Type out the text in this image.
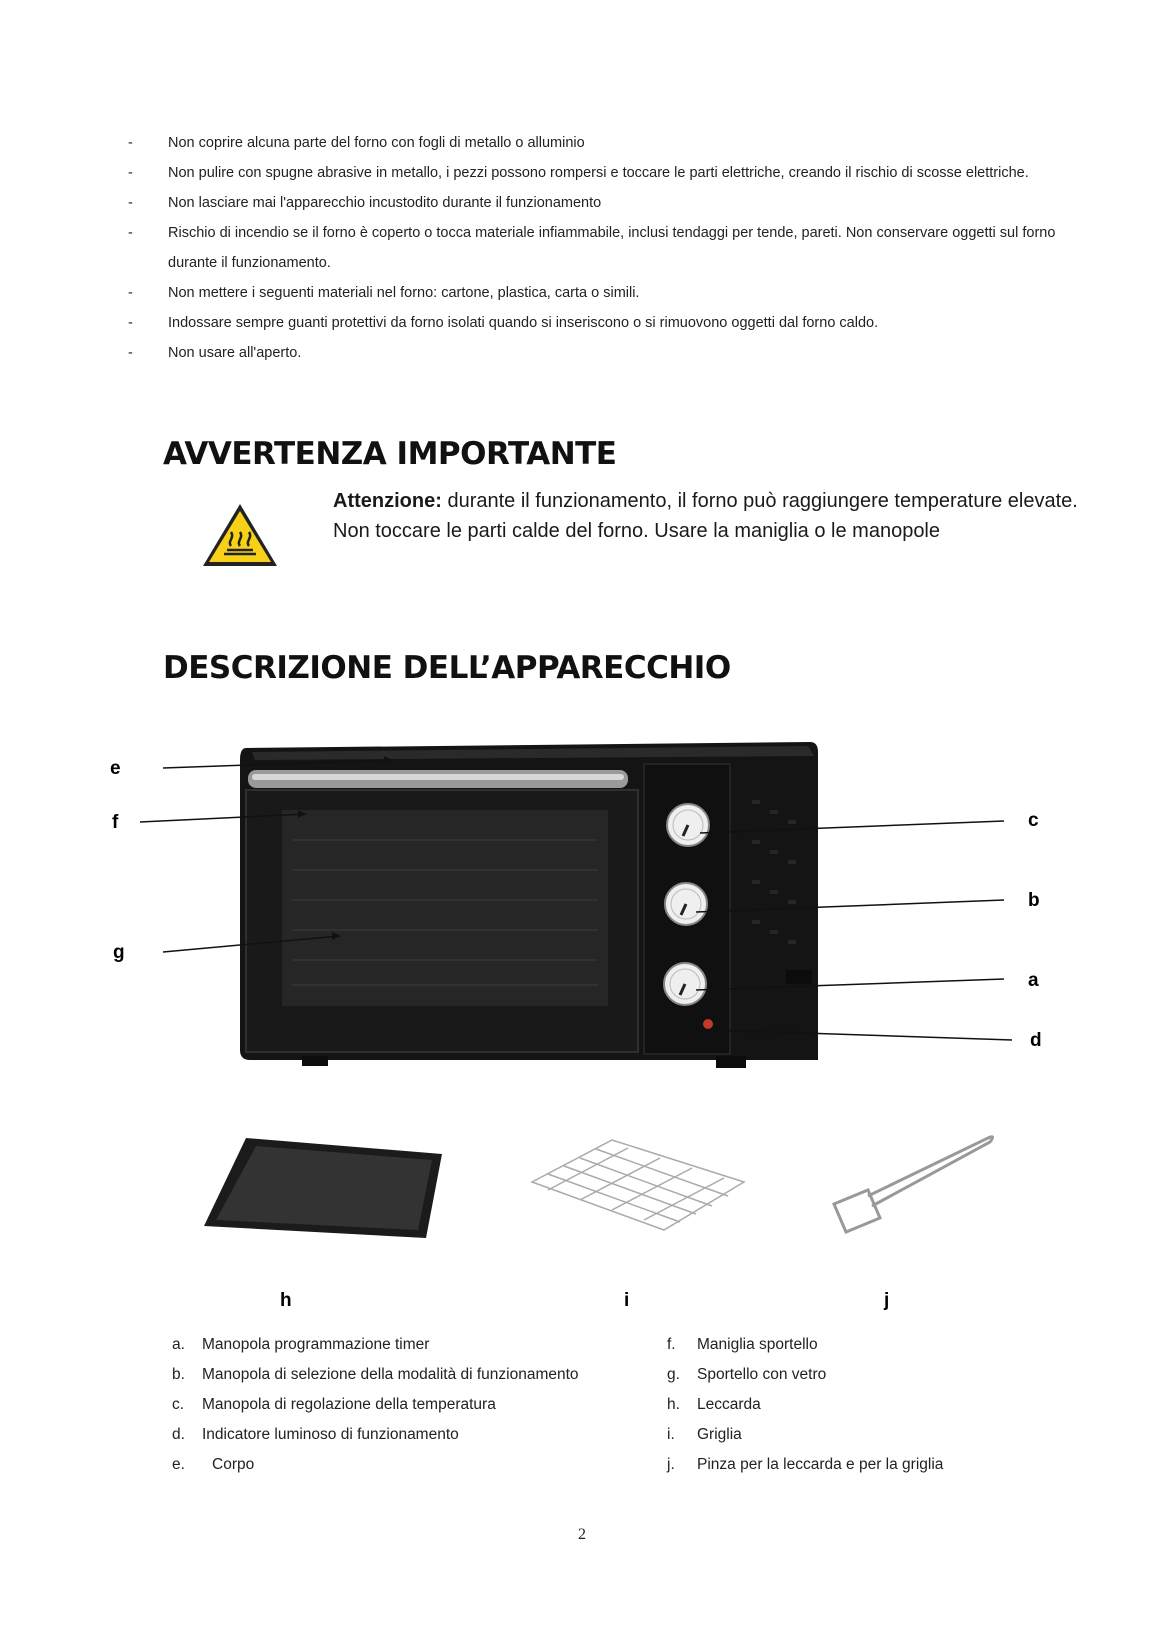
-	Non coprire alcuna parte del forno con fogli di metallo o alluminio
-	Non pulire con spugne abrasive in metallo, i pezzi possono rompersi e toccare le parti elettriche, creando il rischio di scosse elettriche.
-	Non lasciare mai l'apparecchio incustodito durante il funzionamento
-	Rischio di incendio se il forno è coperto o tocca materiale infiammabile, inclusi tendaggi per tende, pareti. Non conservare oggetti sul forno durante il funzionamento.
-	Non mettere i seguenti materiali nel forno: cartone, plastica, carta o simili.
-	Indossare sempre guanti protettivi da forno isolati quando si inseriscono o si rimuovono oggetti dal forno caldo.
-	Non usare all'aperto.
AVVERTENZA IMPORTANTE
Attenzione: durante il funzionamento, il forno può raggiungere temperature elevate.
Non toccare le parti calde del forno. Usare la maniglia o le manopole
DESCRIZIONE DELL’APPARECCHIO
e
f
g
c
b
a
d
h	i	j
a.	Manopola programmazione timer
b.	Manopola di selezione della modalità di funzionamento
c.	Manopola di regolazione della temperatura
d.	Indicatore luminoso di funzionamento
e.	Corpo
f.	Maniglia sportello
g.	Sportello con vetro
h.	Leccarda
i.	Griglia
j.	Pinza per la leccarda e per la griglia
2
